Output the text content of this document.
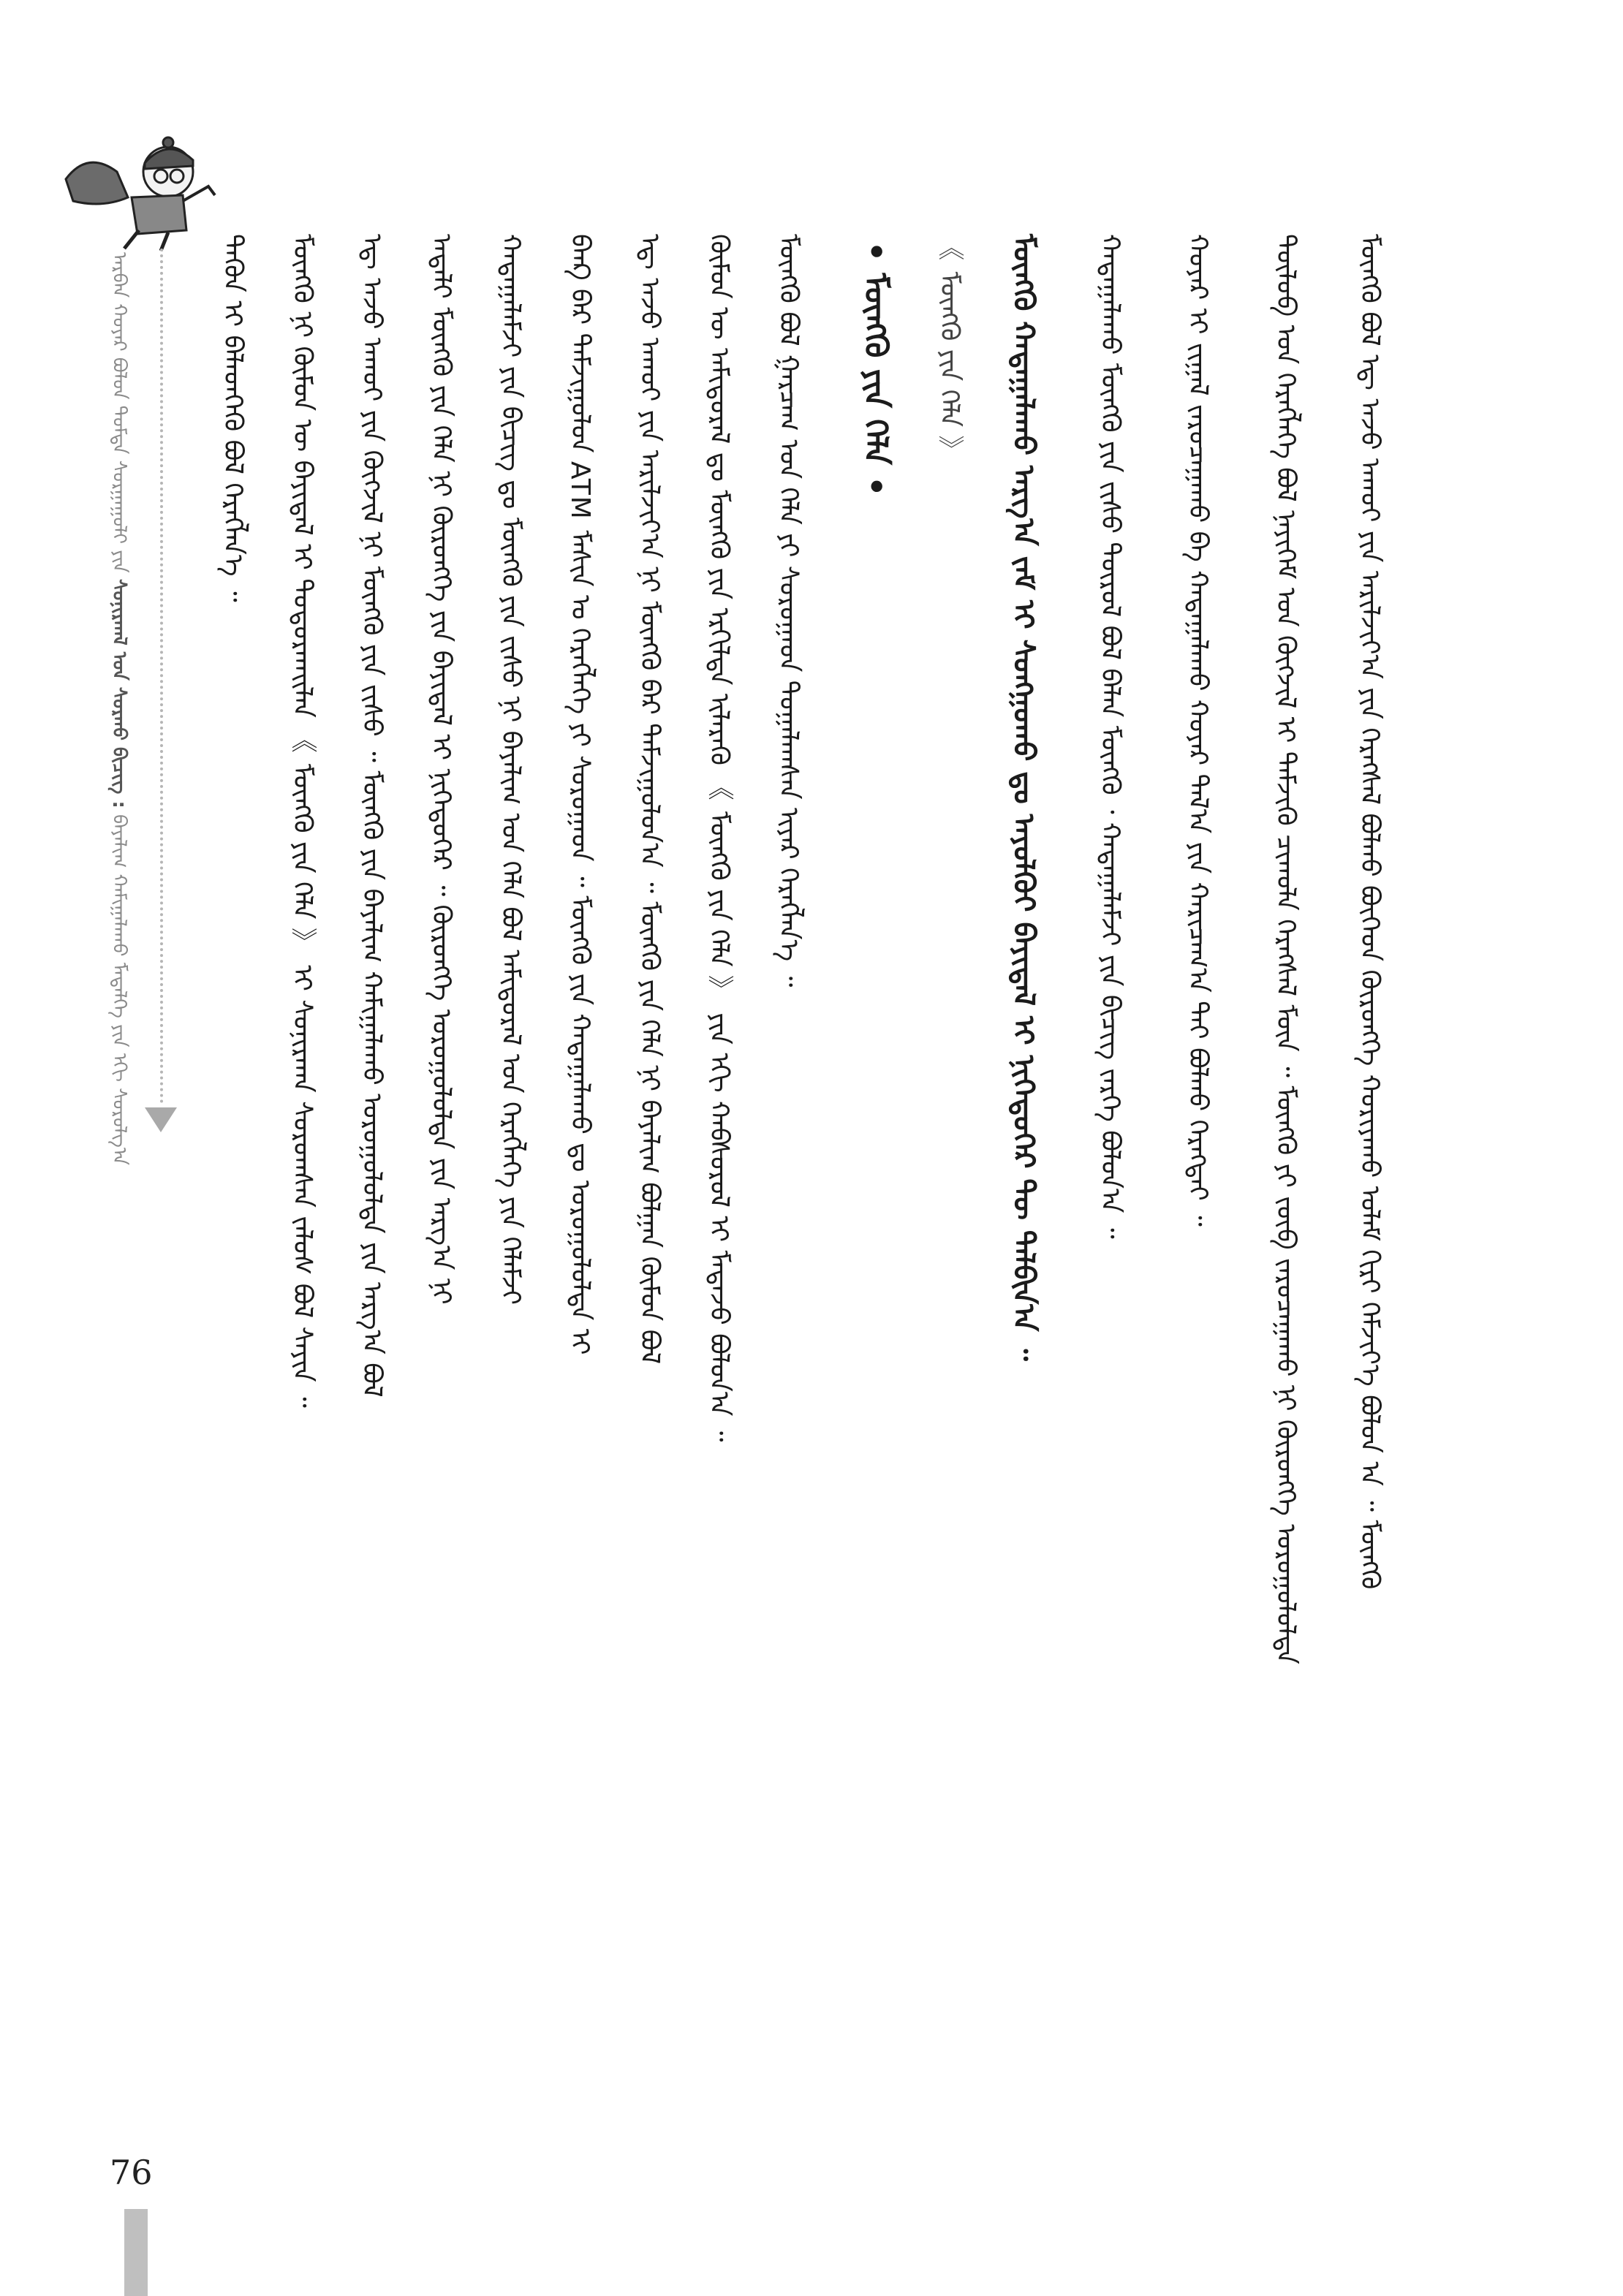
ᠠᠷᠪᠠᠨ ᠬᠣᠶᠠᠷ ᠪᠣᠯᠣᠨ ᠳᠤᠮᠳᠠ ᠰᠤᠷᠭᠠᠭᠤᠯᠢ ᠶᠢᠨ ᠰᠣᠨᠢᠷᠬᠠᠯ ᠤᠨ ᠰᠤᠷᠬᠤ ᠪᠢᠴᠢᠭ : ᠪᠠᠶᠠᠯᠢᠭ ᠬᠠᠮᠢᠭᠠᠯᠠᠬᠤ ᠮᠡᠳᠡᠯᠭᠡ ᠶᠢᠨ ᠡᠬᠢ ᠰᠤᠷᠤᠯᠭ᠎ᠠ	ᠮᠥᠩᠭᠦ ᠪᠣᠯ ᠡᠳ᠋ ᠠᠵᠤ ᠠᠬᠤᠢ ᠶᠢᠨ ᠠᠷᠢᠯᠵᠢᠶ᠎ᠠ ᠶᠢᠨ ᠬᠡᠷᠡᠭᠰᠡᠯ ᠪᠣᠯᠬᠤ ᠪᠥᠭᠡᠳ ᠬᠥᠷᠥᠩᠭᠡ ᠬᠤᠷᠢᠶᠠᠬᠤ ᠤᠯᠠᠮ ᠬᠢᠷᠢ ᠬᠡᠮᠵᠢᠶ᠎ᠡ ᠪᠣᠯᠤᠨ ᠠ ᠃ ᠮᠥᠩᠭᠦ
ᠲᠥᠯᠥᠪ ᠤᠨ ᠬᠡᠷᠡᠭᠯᠡᠭᠡ ᠪᠣᠯ ᠨᠡᠶᠢᠭᠡᠮ ᠤᠨ ᠬᠥᠭᠵᠢᠯ ᠢ ᠳᠡᠮᠵᠢᠬᠦ ᠴᠢᠬᠤᠯᠠ ᠬᠡᠷᠡᠭᠰᠡᠯ ᠮᠥᠨ ᠃ ᠮᠥᠩᠭᠦ ᠶᠢ ᠵᠥᠪ ᠵᠠᠷᠤᠴᠠᠭᠠᠬᠤ ᠨᠢ ᠬᠥᠷᠥᠩᠭᠡ ᠤᠷᠤᠭᠤᠯᠤᠯᠲᠠ
ᠬᠣᠶᠠᠷ ᠢ ᠵᠢᠭᠠᠯ ᠵᠠᠷᠤᠴᠠᠭᠠᠬᠤ ᠪᠠ ᠬᠠᠳᠠᠭᠠᠯᠠᠬᠤ ᠬᠣᠶᠠᠷ ᠲᠠᠯ᠎ᠠ ᠶᠢᠨ ᠬᠠᠷᠢᠴᠠᠭ᠎ᠠ ᠲᠠᠢ ᠪᠣᠯᠬᠤ ᠬᠡᠷᠡᠭᠲᠡᠢ ᠃
ᠬᠠᠳᠠᠭᠠᠯᠠᠬᠤ ᠮᠥᠩᠭᠦ ᠶᠢᠨ ᠵᠢᠰᠦ ᠲᠥᠷᠥᠯ ᠪᠤᠯ ᠪᠡᠯᠡᠨ ᠮᠥᠩᠭᠦ ᠂ ᠬᠠᠳᠠᠭᠠᠯᠠᠮᠵᠢ ᠶᠢᠨ ᠪᠢᠴᠢᠭ ᠵᠡᠷᠭᠡ ᠪᠣᠯᠤᠨ᠎ᠠ ᠃
ᠮᠥᠩᠭᠦ ᠬᠠᠳᠠᠭᠠᠯᠠᠬᠤ ᠠᠷᠭ᠎ᠠ ᠵᠠᠮ ᠢ ᠰᠣᠩᠭᠣᠬᠤ ᠳᠤ ᠠᠶᠤᠯᠭᠦᠢ ᠪᠠᠶᠢᠳᠠᠯ ᠢ ᠨᠢᠭᠡᠳᠦᠭᠡᠷ ᠲᠦ ᠲᠠᠯᠪᠢᠨ᠎ᠠ ᠃
《 ᠮᠥᠩᠭᠦ ᠶᠢᠨ ᠬᠡᠯᠡ 》
• ᠮᠥᠩᠭᠦ ᠶᠢᠨ ᠬᠡᠯᠡ •
ᠮᠥᠩᠭᠦ ᠪᠣᠯ ᠭᠠᠷᠴᠠᠭ ᠤᠨ ᠬᠡᠯᠡ ᠶᠢ ᠰᠤᠷᠤᠭᠠᠳ ᠲᠣᠭᠠᠯᠠᠭᠰᠠᠨ ᠢᠶᠠᠷ ᠬᠡᠷᠡᠭᠯᠡᠨ᠎ᠡ ᠃
ᠬᠦᠮᠦᠨ ᠦ ᠠᠮᠢᠳᠤᠷᠠᠯ ᠳᠤ ᠮᠥᠩᠭᠦ ᠶᠢᠨ ᠡᠷᠭᠢᠯᠲᠡ ᠢᠯᠡᠷᠡᠬᠦ 《 ᠮᠥᠩᠭᠦ ᠶᠢᠨ ᠬᠡᠯᠡ 》 ᠶᠢᠨ ᠡᠬᠢ ᠬᠠᠪᠰᠤᠷᠤᠯ ᠢ ᠮᠡᠳᠡᠵᠦ ᠪᠣᠯᠤᠨ᠎ᠠ ᠃
ᠡᠳ᠋ ᠠᠵᠤ ᠠᠬᠤᠢ ᠶᠢᠨ ᠠᠷᠢᠯᠵᠢᠶ᠎ᠠ ᠨᠢ ᠮᠥᠩᠭᠦ ᠪᠡᠷ ᠳᠠᠮᠵᠢᠭᠤᠯᠤᠨ᠎ᠠ ᠃ ᠮᠥᠩᠭᠦ ᠶᠢᠨ ᠬᠡᠯᠡ ᠨᠢ ᠪᠠᠶᠠᠯᠢᠭ ᠪᠣᠯᠭᠠᠨ ᠬᠦᠮᠦᠨ ᠪᠣᠯ
ᠪᠠᠨᠺ ᠪᠠᠷ ᠳᠠᠮᠵᠢᠭᠤᠯᠤᠨ ATM ᠮᠠᠰᠢᠨ ᠤ ᠬᠡᠷᠡᠭᠯᠡᠭᠡ ᠶᠢ ᠰᠤᠷᠤᠭᠠᠳ ᠃ ᠮᠥᠩᠭᠦ ᠶᠢᠨ ᠬᠠᠳᠠᠭᠠᠯᠠᠬᠤ ᠳᠤ ᠤᠷᠤᠭᠤᠯᠤᠯᠲᠠ ᠢ
ᠬᠠᠳᠠᠭᠠᠯᠠᠮᠵᠢ ᠶᠢᠨ ᠪᠢᠴᠢᠭ ᠳᠤ ᠮᠥᠩᠭᠦ ᠶᠢᠨ ᠵᠢᠰᠦ ᠨᠢ ᠪᠠᠶᠠᠯᠢᠭ ᠤᠨ ᠬᠡᠯᠡ ᠪᠣᠯ ᠠᠮᠢᠳᠤᠷᠠᠯ ᠤᠨ ᠬᠡᠷᠡᠭᠯᠡᠭᠡ ᠶᠢᠨ ᠬᠡᠯᠡᠮᠵᠢ
ᠠᠳᠠᠯᠢ ᠮᠥᠩᠭᠦ ᠶᠢᠨ ᠬᠡᠯᠡ ᠨᠢ ᠬᠥᠷᠥᠩᠭᠡ ᠶᠢᠨ ᠪᠠᠶᠢᠳᠠᠯ ᠢ ᠨᠢᠭᠡᠳᠦᠭᠡᠷ ᠃ ᠬᠥᠷᠥᠩᠭᠡ ᠤᠷᠤᠭᠤᠯᠤᠯᠲᠠ ᠶᠢᠨ ᠠᠷᠭ᠎ᠠ ᠨᠢ
ᠡᠳ᠋ ᠠᠵᠤ ᠠᠬᠤᠢ ᠶᠢᠨ ᠬᠥᠭᠵᠢᠯ ᠨᠢ ᠮᠥᠩᠭᠦ ᠶᠢᠨ ᠵᠢᠰᠦ ᠃ ᠮᠥᠩᠭᠦ ᠶᠢᠨ ᠪᠠᠶᠠᠯᠢᠭ ᠬᠠᠮᠢᠭᠠᠯᠠᠬᠤ ᠤᠷᠤᠭᠤᠯᠤᠯᠲᠠ ᠶᠢᠨ ᠠᠷᠭ᠎ᠠ ᠪᠣᠯ
ᠮᠥᠩᠭᠦ ᠨᠢ ᠬᠦᠮᠦᠨ ᠦ ᠪᠠᠶᠢᠳᠠᠯ ᠢ ᠲᠣᠳᠤᠷᠬᠠᠢᠯᠠᠨ 《 ᠮᠥᠩᠭᠦ ᠶᠢᠨ ᠬᠡᠯᠡ 》 ᠢ ᠰᠣᠨᠢᠷᠬᠠᠨ ᠰᠤᠷᠤᠭᠰᠠᠨ ᠵᠠᠯᠤᠰ ᠪᠣᠯ ᠰᠠᠶᠢᠨ ᠃
ᠲᠡᠭᠦᠨ ᠢ ᠪᠡᠯᠡᠳᠬᠡᠬᠦ ᠪᠣᠯ ᠬᠡᠷᠡᠭᠯᠡᠨ᠎ᠡ ᠃
76
